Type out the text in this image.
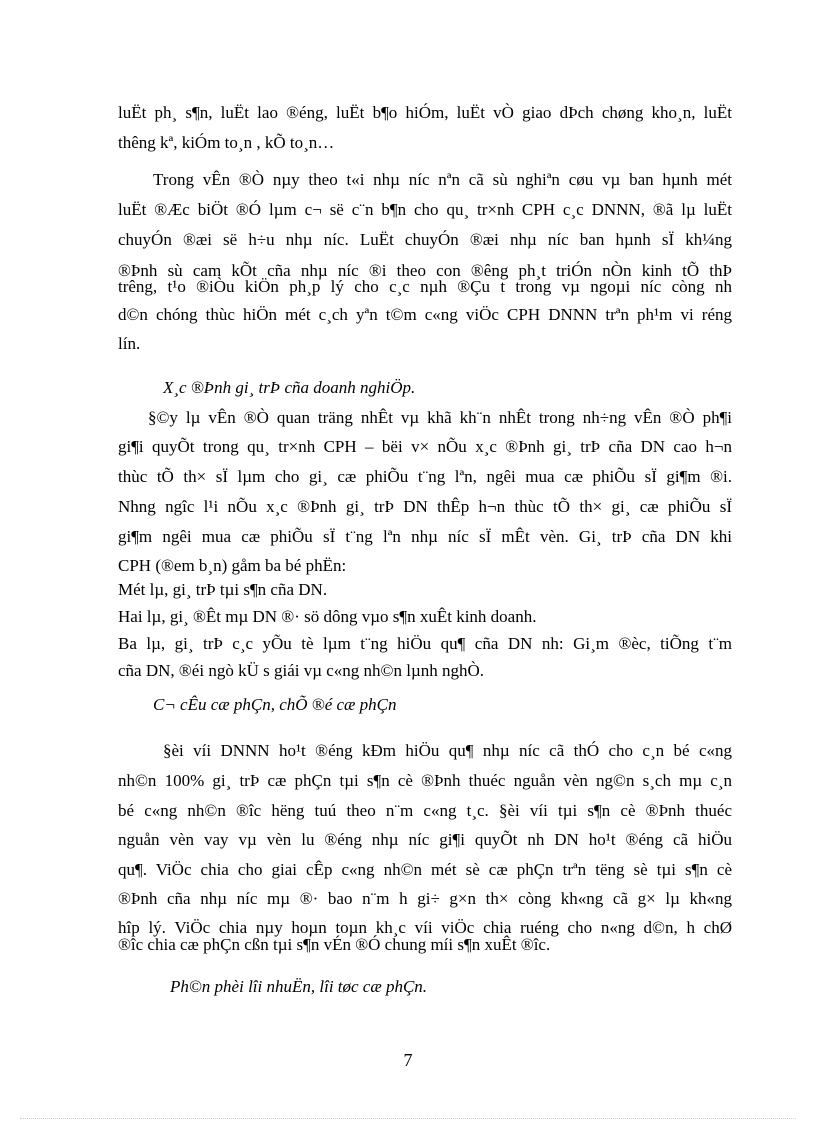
luËt ph¸ s¶n, luËt lao ®éng, luËt b¶o hiÓm, luËt vÒ giao dÞch chøng kho¸n, luËt
thêng kª, kiÓm to¸n , kÕ to¸n…
Trong vÊn ®Ò nµy theo t«i nhµ níc nªn cã sù nghiªn cøu vµ ban hµnh mét
luËt ®Æc biÖt ®Ó lµm c¬ së c¨n b¶n cho qu¸ tr×nh CPH c¸c DNNN, ®ã lµ luËt
chuyÓn ®æi së h÷u nhµ níc. LuËt chuyÓn ®æi nhµ níc ban hµnh sÏ kh¼ng
®Þnh sù cam kÕt cña nhµ níc ®i theo con ®êng ph¸t triÓn nÒn kinh tÕ thÞ
trêng, t¹o ®iÒu kiÖn ph¸p lý cho c¸c nµh ®Çu t trong vµ ngoµi níc còng nh
d©n chóng thùc hiÖn mét c¸ch yªn t©m c«ng viÖc CPH DNNN trªn ph¹m vi réng
lín.
X¸c ®Þnh gi¸ trÞ cña doanh nghiÖp.
§©y lµ vÊn ®Ò quan träng nhÊt vµ khã kh¨n nhÊt trong nh÷ng vÊn ®Ò ph¶i
gi¶i quyÕt trong qu¸ tr×nh CPH – bëi v× nÕu x¸c ®Þnh gi¸ trÞ cña DN cao h¬n
thùc tÕ th× sÏ lµm cho gi¸ cæ phiÕu t¨ng lªn, ngêi mua cæ phiÕu sÏ gi¶m ®i.
Nhng ngîc l¹i nÕu x¸c ®Þnh gi¸ trÞ DN thÊp h¬n thùc tÕ th× gi¸ cæ phiÕu sÏ
gi¶m ngêi mua cæ phiÕu sÏ t¨ng lªn nhµ níc sÏ mÊt vèn. Gi¸ trÞ cña DN khi
CPH (®em b¸n) gåm ba bé phËn:
Mét lµ, gi¸ trÞ tµi s¶n cña DN.
Hai lµ, gi¸ ®Êt mµ DN ®· sö dông vµo s¶n xuÊt kinh doanh.
Ba lµ, gi¸ trÞ c¸c yÕu tè lµm t¨ng hiÖu qu¶ cña DN nh: Gi¸m ®èc, tiÕng t¨m
cña DN, ®éi ngò kÜ s giái vµ c«ng nh©n lµnh nghÒ.
C¬ cÊu cæ phÇn, chÕ ®é cæ phÇn
§èi víi DNNN ho¹t ®éng kÐm hiÖu qu¶ nhµ níc cã thÓ cho c¸n bé c«ng
nh©n 100% gi¸ trÞ cæ phÇn tµi s¶n cè ®Þnh thuéc nguån vèn ng©n s¸ch mµ c¸n
bé c«ng nh©n ®îc hëng tuú theo n¨m c«ng t¸c. §èi víi tµi s¶n cè ®Þnh thuéc
nguån vèn vay vµ vèn lu ®éng nhµ níc gi¶i quyÕt nh DN ho¹t ®éng cã hiÖu
qu¶. ViÖc chia cho giai cÊp c«ng nh©n mét sè cæ phÇn trªn tëng sè tµi s¶n cè
®Þnh cña nhµ níc mµ ®· bao n¨m h gi÷ g×n th× còng kh«ng cã g× lµ kh«ng
hîp lý. ViÖc chia nµy hoµn toµn kh¸c víi viÖc chia ruéng cho n«ng d©n, h chØ
®îc chia cæ phÇn cßn tµi s¶n vÉn ®Ó chung míi s¶n xuÊt ®îc.
Ph©n phèi lîi nhuËn, lîi tøc cæ phÇn.
7
